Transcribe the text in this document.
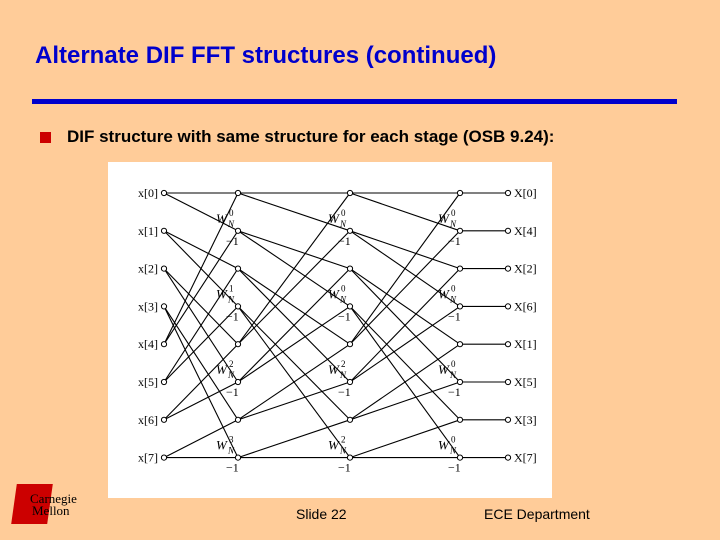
Alternate DIF FFT structures (continued)
DIF structure with same structure for each stage (OSB 9.24):
W 0
N
W 1
N
W 2
N
W 3
N
−1
−1
−1
−1
W 0
N
W 0
N
W 2
N
W 2
N
−1
−1
−1
−1
W 0
N
W 0
N
W 0
N
W 0
N
−1
−1
−1
−1
x[0]
x[1]
x[2]
x[3]
x[4]
x[5]
x[6]
x[7]
X[0]
X[4]
X[2]
X[6]
X[1]
X[5]
X[3]
X[7]
Carnegie
Mellon	Slide 22	ECE Department
